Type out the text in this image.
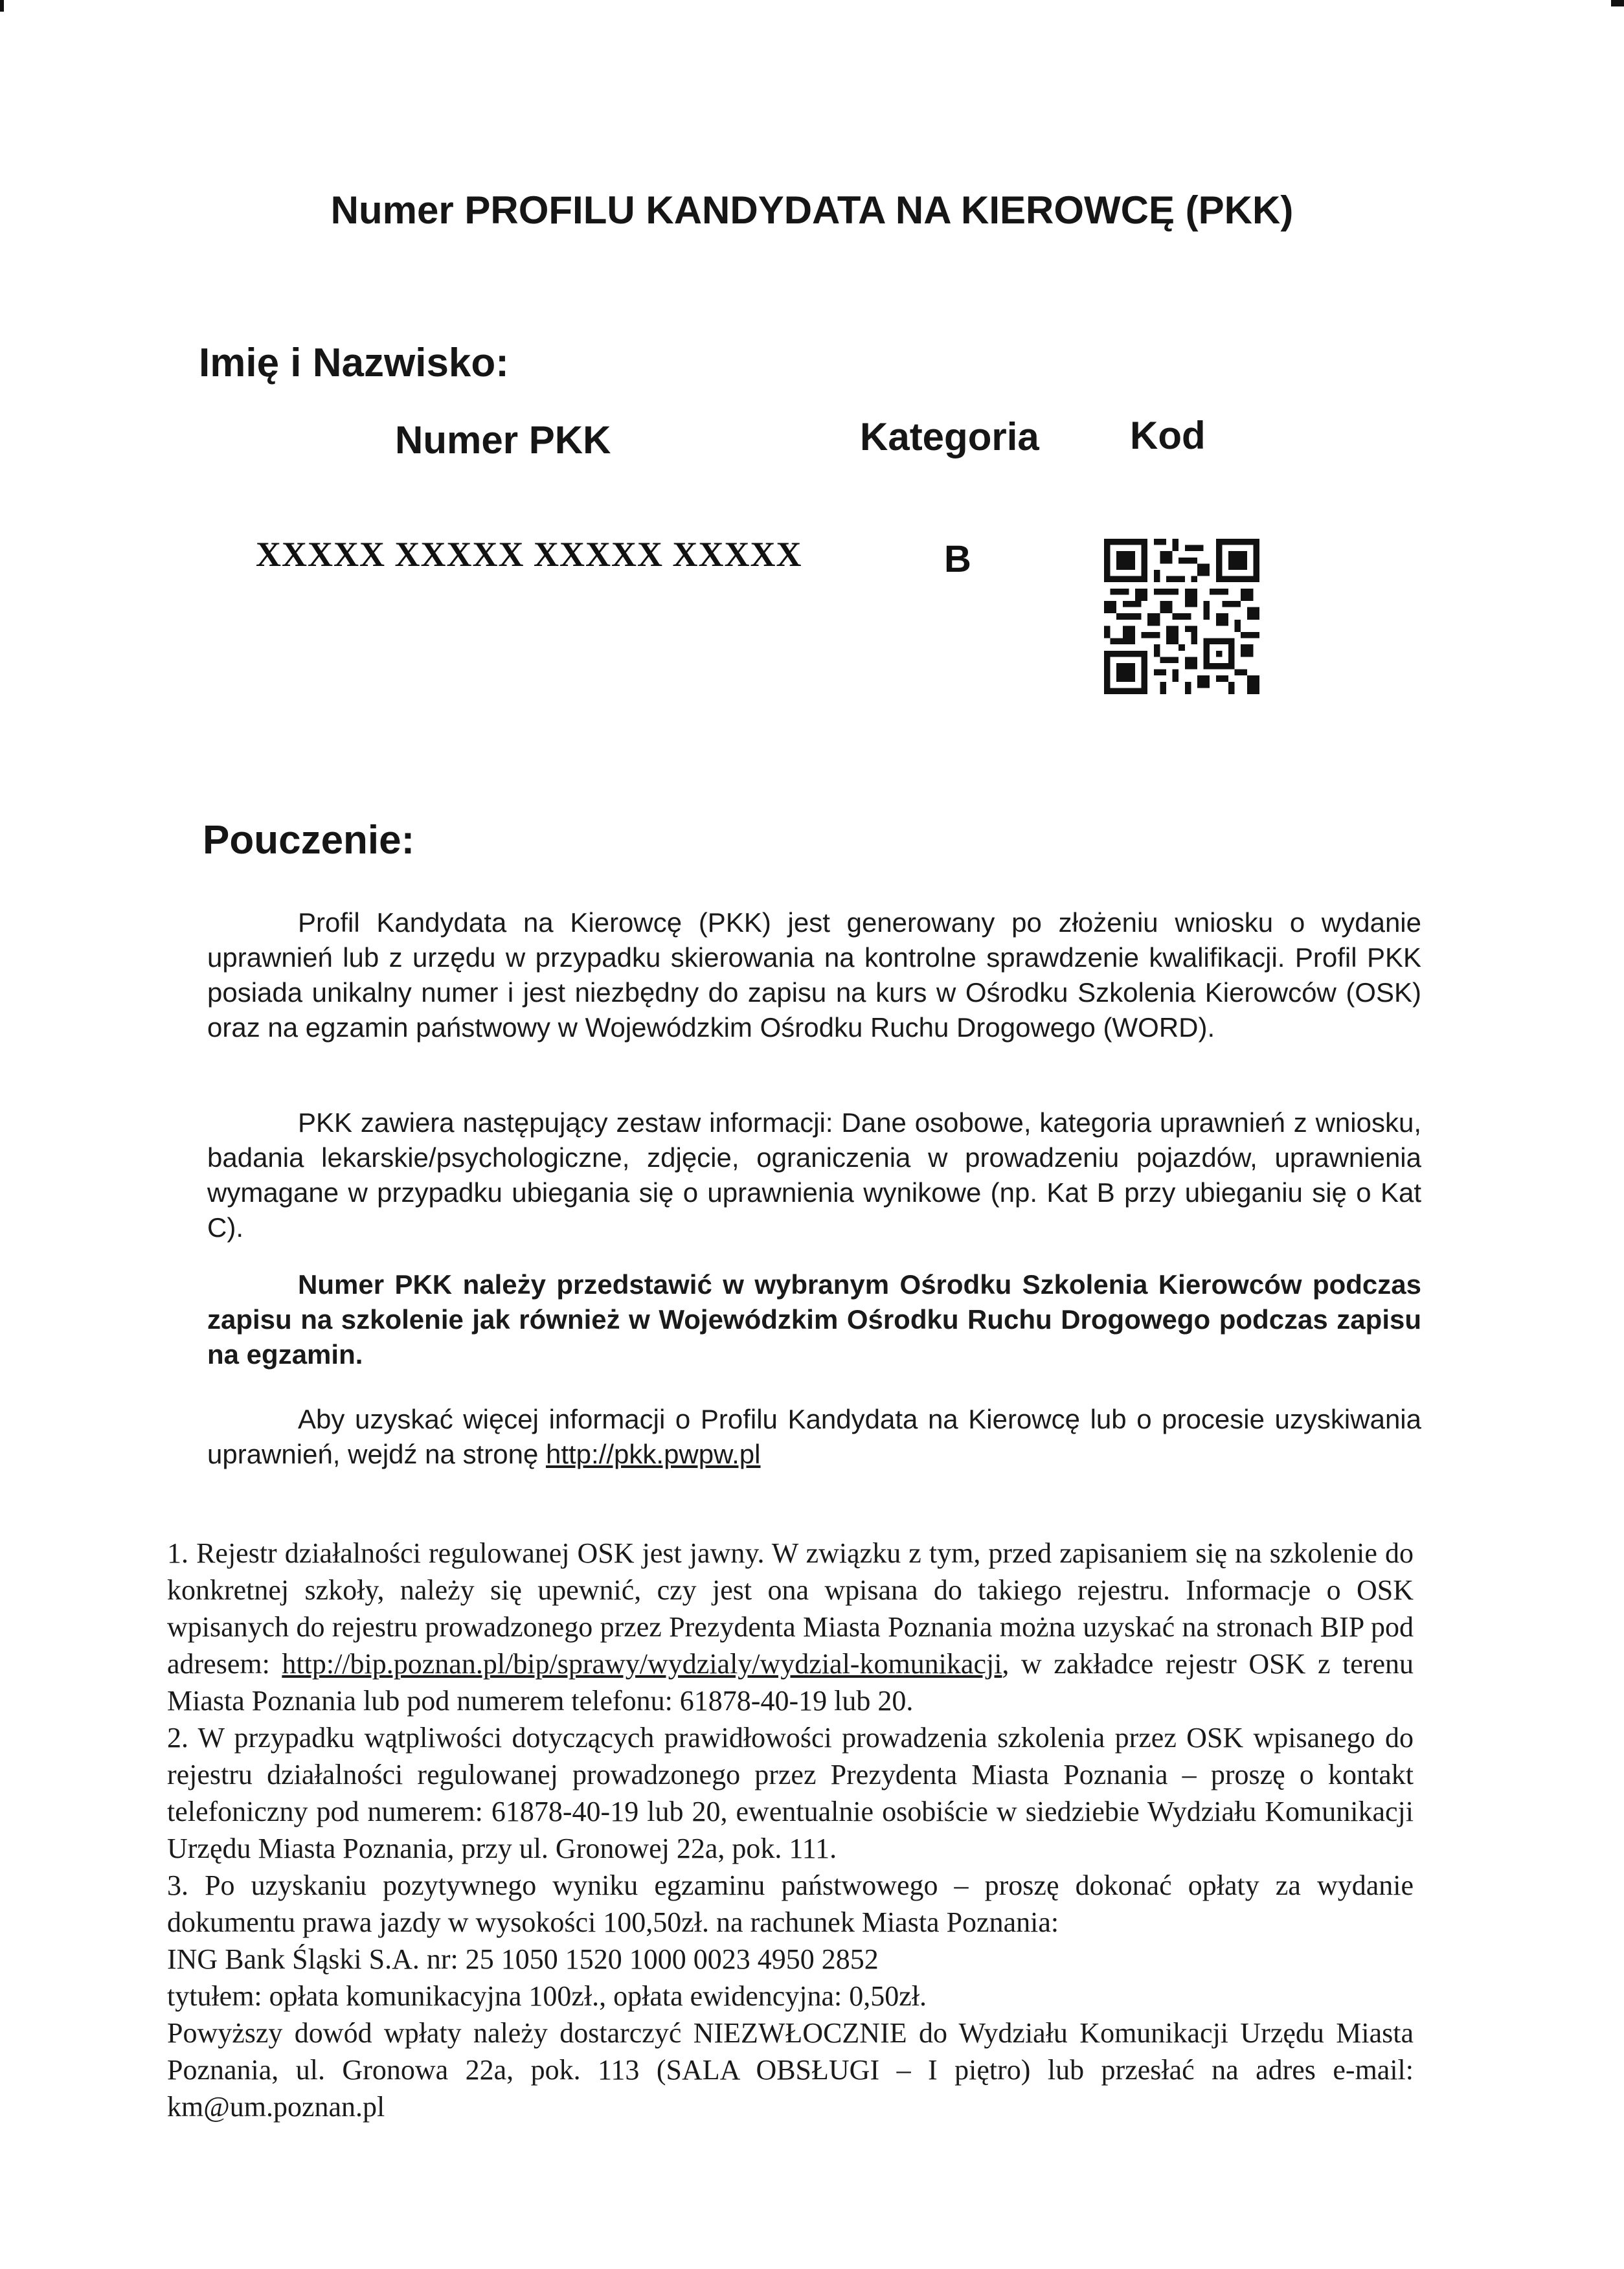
Numer PROFILU KANDYDATA NA KIEROWCĘ (PKK)
Imię i Nazwisko:
Numer PKK	Kategoria Kod
XXXXX XXXXX XXXXX XXXXX	B
Pouczenie:
Profil Kandydata na Kierowcę (PKK) jest generowany po złożeniu wniosku o wydanie uprawnień lub z urzędu w przypadku skierowania na kontrolne sprawdzenie kwalifikacji. Profil PKK posiada unikalny numer i jest niezbędny do zapisu na kurs w Ośrodku Szkolenia Kierowców (OSK) oraz na egzamin państwowy w Wojewódzkim Ośrodku Ruchu Drogowego (WORD).
PKK zawiera następujący zestaw informacji: Dane osobowe, kategoria uprawnień z wniosku, badania lekarskie/psychologiczne, zdjęcie, ograniczenia w prowadzeniu pojazdów, uprawnienia wymagane w przypadku ubiegania się o uprawnienia wynikowe (np. Kat B przy ubieganiu się o Kat C).
Numer PKK należy przedstawić w wybranym Ośrodku Szkolenia Kierowców podczas zapisu na szkolenie jak również w Wojewódzkim Ośrodku Ruchu Drogowego podczas zapisu na egzamin.
Aby uzyskać więcej informacji o Profilu Kandydata na Kierowcę lub o procesie uzyskiwania uprawnień, wejdź na stronę http://pkk.pwpw.pl

1. Rejestr działalności regulowanej OSK jest jawny. W związku z tym, przed zapisaniem się na szkolenie do konkretnej szkoły, należy się upewnić, czy jest ona wpisana do takiego rejestru. Informacje o OSK wpisanych do rejestru prowadzonego przez Prezydenta Miasta Poznania można uzyskać na stronach BIP pod adresem: http://bip.poznan.pl/bip/sprawy/wydzialy/wydzial-komunikacji, w zakładce rejestr OSK z terenu Miasta Poznania lub pod numerem telefonu: 61878-40-19 lub 20.

2. W przypadku wątpliwości dotyczących prawidłowości prowadzenia szkolenia przez OSK wpisanego do rejestru działalności regulowanej prowadzonego przez Prezydenta Miasta Poznania – proszę o kontakt telefoniczny pod numerem: 61878-40-19 lub 20, ewentualnie osobiście w siedziebie Wydziału Komunikacji Urzędu Miasta Poznania, przy ul. Gronowej 22a, pok. 111.

3. Po uzyskaniu pozytywnego wyniku egzaminu państwowego – proszę dokonać opłaty za wydanie dokumentu prawa jazdy w wysokości 100,50zł. na rachunek Miasta Poznania:

ING Bank Śląski S.A. nr: 25 1050 1520 1000 0023 4950 2852

tytułem: opłata komunikacyjna 100zł., opłata ewidencyjna: 0,50zł.

Powyższy dowód wpłaty należy dostarczyć NIEZWŁOCZNIE do Wydziału Komunikacji Urzędu Miasta Poznania, ul. Gronowa 22a, pok. 113 (SALA OBSŁUGI – I piętro) lub przesłać na adres e-mail: km@um.poznan.pl
